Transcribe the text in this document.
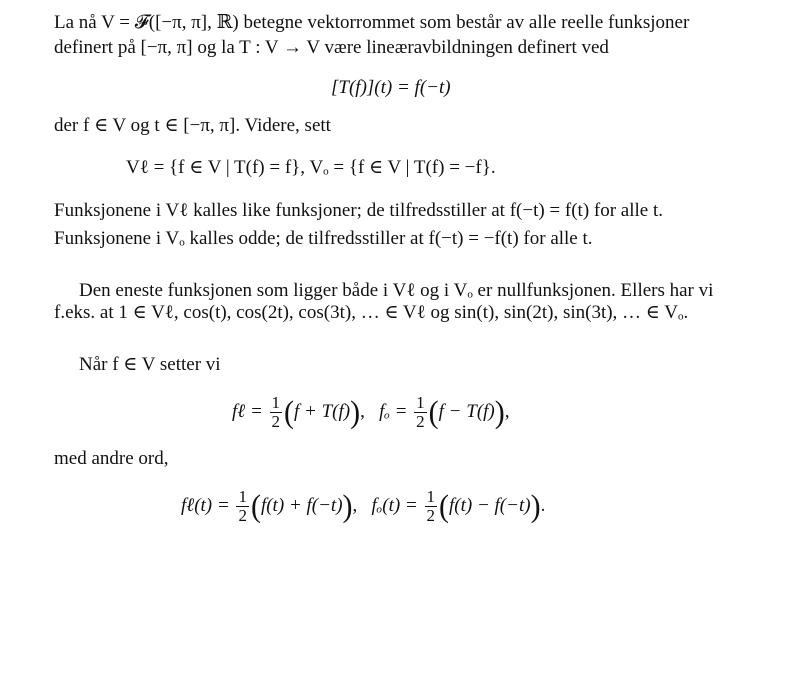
La nå V = 𝓕([−π, π], ℝ) betegne vektorrommet som består av alle reelle funksjoner
definert på [−π, π] og la T : V → V være lineæravbildningen definert ved
[T(f)](t) = f(−t)
der f ∈ V og t ∈ [−π, π]. Videre, sett
Vℓ = {f ∈ V | T(f) = f}, Vₒ = {f ∈ V | T(f) = −f}.
Funksjonene i Vℓ kalles like funksjoner; de tilfredsstiller at f(−t) = f(t) for alle t.
Funksjonene i Vₒ kalles odde; de tilfredsstiller at f(−t) = −f(t) for alle t.
Den eneste funksjonen som ligger både i Vℓ og i Vₒ er nullfunksjonen. Ellers har vi
f.eks. at 1 ∈ Vℓ, cos(t), cos(2t), cos(3t), … ∈ Vℓ og sin(t), sin(2t), sin(3t), … ∈ Vₒ.
Når f ∈ V setter vi
fℓ = $\frac{1}{2} (f + T(f))$, $f_o = \frac{1}{2} (f - T(f))$,
med andre ord,
fℓ(t) = $\frac{1}{2} (f(t) + f(-t))$, $f_o(t) = \frac{1}{2} (f(t) - f(-t))$.
